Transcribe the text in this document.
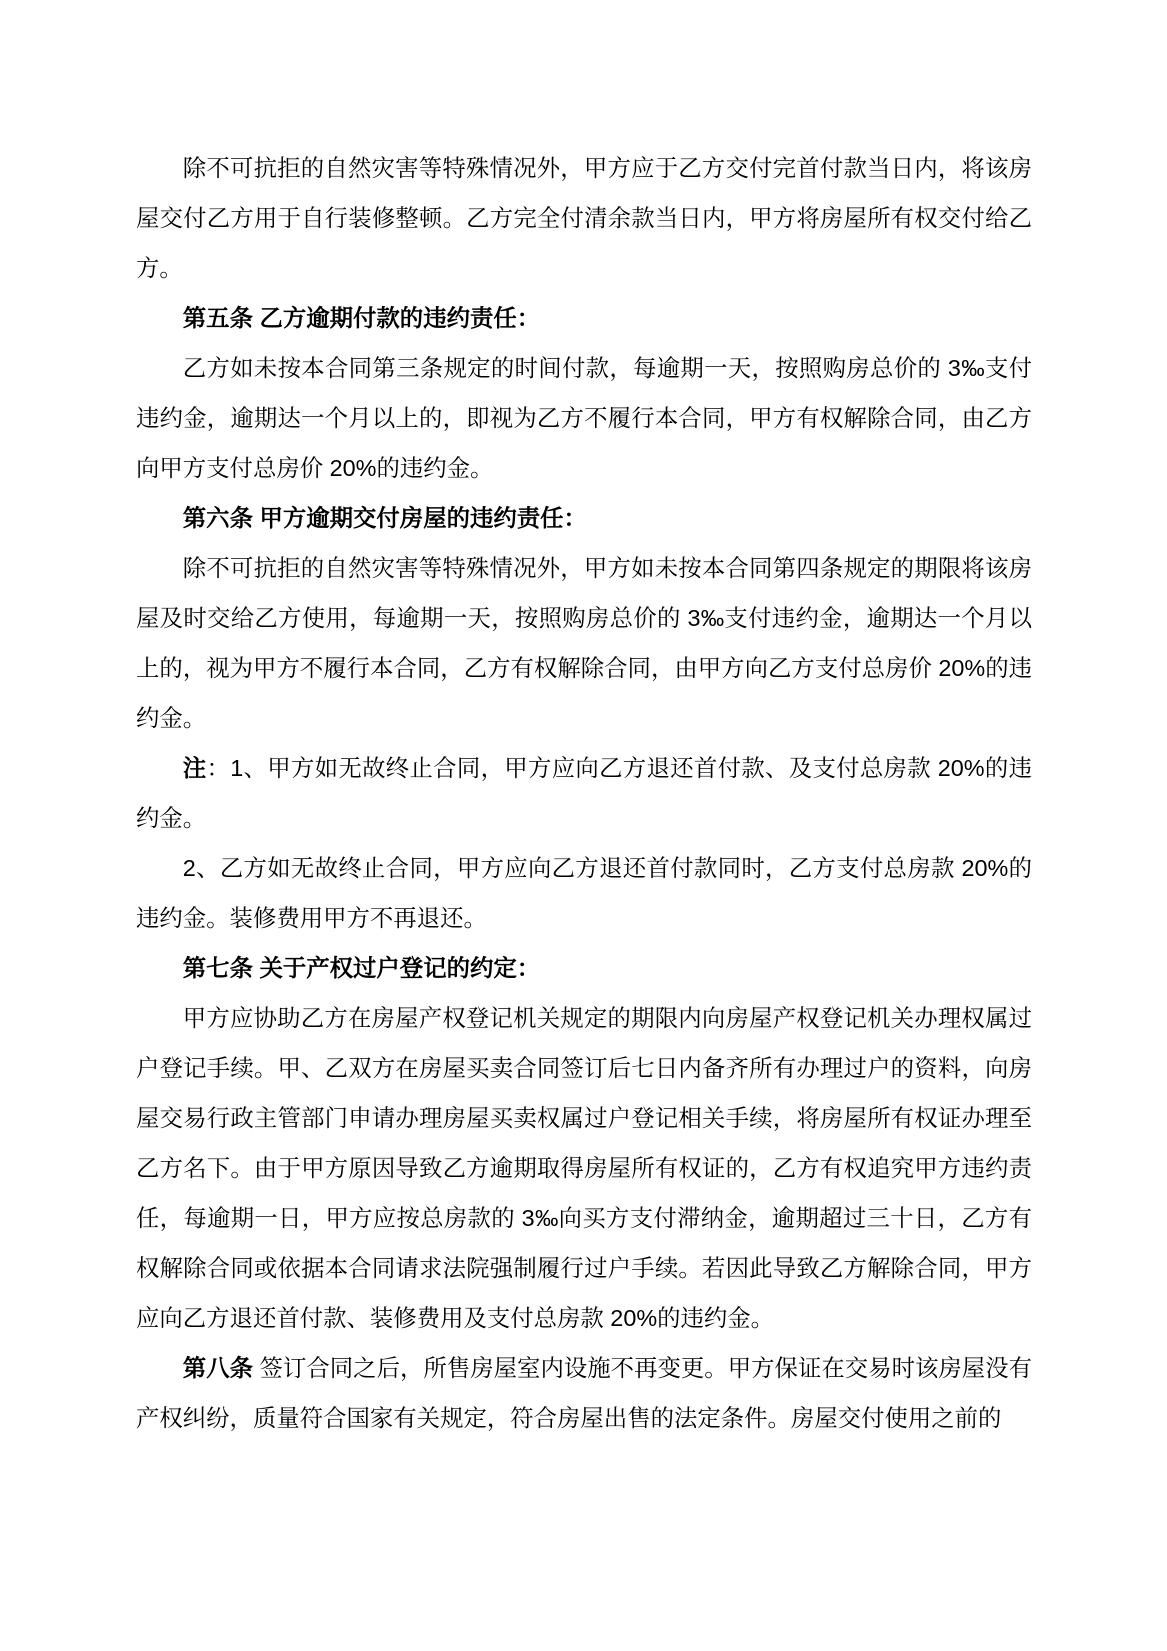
除不可抗拒的自然灾害等特殊情况外，甲方应于乙方交付完首付款当日内，将该房屋交付乙方用于自行装修整顿。乙方完全付清余款当日内，甲方将房屋所有权交付给乙方。

第五条 乙方逾期付款的违约责任：

乙方如未按本合同第三条规定的时间付款，每逾期一天，按照购房总价的 3‰支付违约金，逾期达一个月以上的，即视为乙方不履行本合同，甲方有权解除合同，由乙方向甲方支付总房价 20%的违约金。

第六条 甲方逾期交付房屋的违约责任：

除不可抗拒的自然灾害等特殊情况外，甲方如未按本合同第四条规定的期限将该房屋及时交给乙方使用，每逾期一天，按照购房总价的 3‰支付违约金，逾期达一个月以上的，视为甲方不履行本合同，乙方有权解除合同，由甲方向乙方支付总房价 20%的违约金。

注：1、甲方如无故终止合同，甲方应向乙方退还首付款、及支付总房款 20%的违约金。

2、乙方如无故终止合同，甲方应向乙方退还首付款同时，乙方支付总房款 20%的违约金。装修费用甲方不再退还。

第七条 关于产权过户登记的约定：

甲方应协助乙方在房屋产权登记机关规定的期限内向房屋产权登记机关办理权属过户登记手续。甲、乙双方在房屋买卖合同签订后七日内备齐所有办理过户的资料，向房屋交易行政主管部门申请办理房屋买卖权属过户登记相关手续，将房屋所有权证办理至乙方名下。由于甲方原因导致乙方逾期取得房屋所有权证的，乙方有权追究甲方违约责任，每逾期一日，甲方应按总房款的 3‰向买方支付滞纳金，逾期超过三十日，乙方有权解除合同或依据本合同请求法院强制履行过户手续。若因此导致乙方解除合同，甲方应向乙方退还首付款、装修费用及支付总房款 20%的违约金。

第八条 签订合同之后，所售房屋室内设施不再变更。甲方保证在交易时该房屋没有产权纠纷，质量符合国家有关规定，符合房屋出售的法定条件。房屋交付使用之前的
